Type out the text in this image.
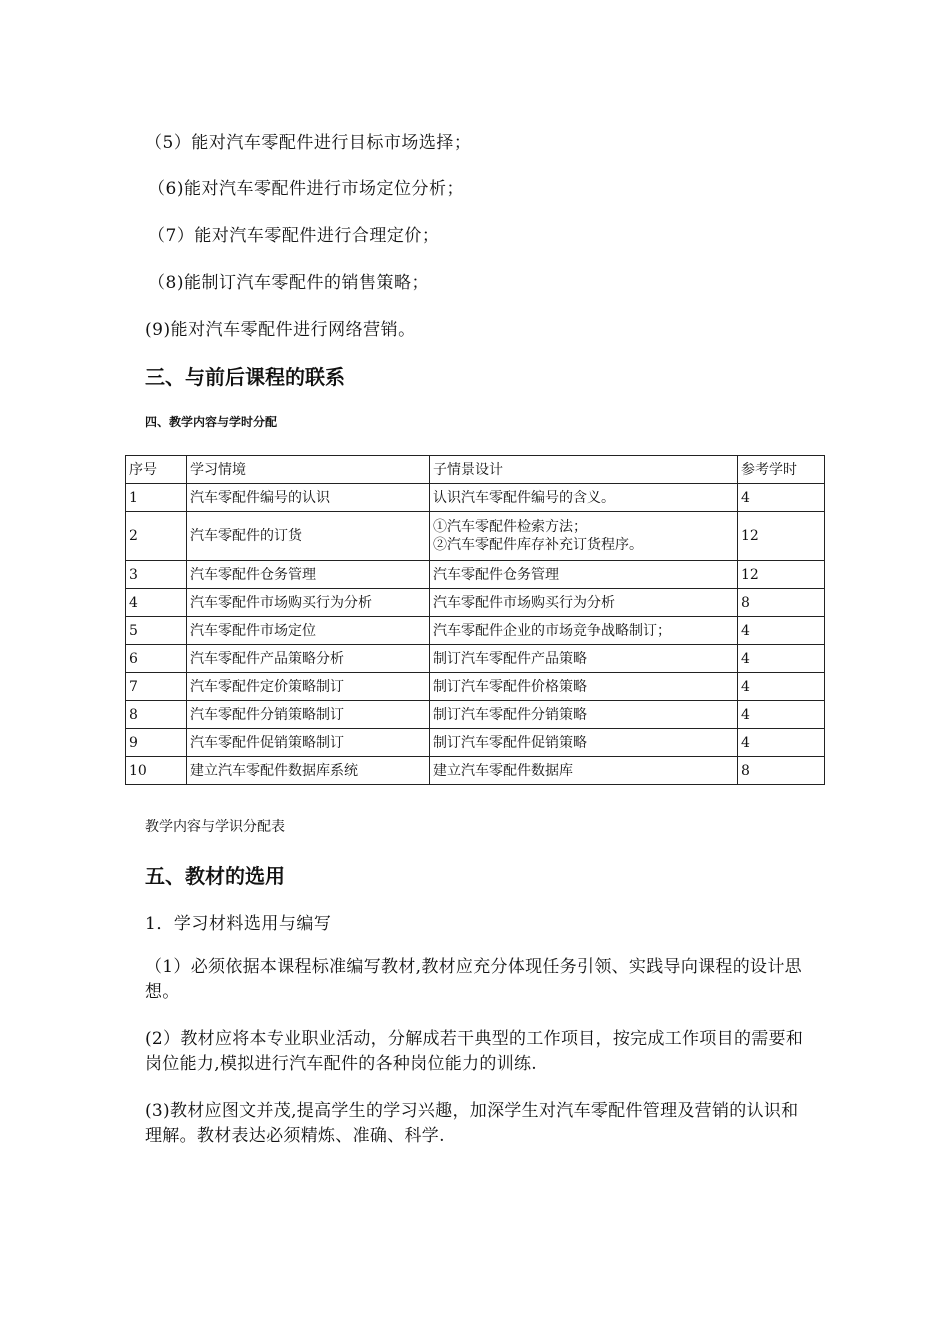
（5）能对汽车零配件进行目标市场选择；
（6)能对汽车零配件进行市场定位分析；
（7）能对汽车零配件进行合理定价；
（8)能制订汽车零配件的销售策略；
(9)能对汽车零配件进行网络营销。
三、与前后课程的联系
四、教学内容与学时分配
序号	学习情境	子情景设计	参考学时
1	汽车零配件编号的认识	认识汽车零配件编号的含义。	4
2	汽车零配件的订货	①汽车零配件检索方法；
②汽车零配件库存补充订货程序。	12
3	汽车零配件仓务管理	汽车零配件仓务管理	12
4	汽车零配件市场购买行为分析	汽车零配件市场购买行为分析	8
5	汽车零配件市场定位	汽车零配件企业的市场竞争战略制订；	4
6	汽车零配件产品策略分析	制订汽车零配件产品策略	4
7	汽车零配件定价策略制订	制订汽车零配件价格策略	4
8	汽车零配件分销策略制订	制订汽车零配件分销策略	4
9	汽车零配件促销策略制订	制订汽车零配件促销策略	4
10	建立汽车零配件数据库系统	建立汽车零配件数据库	8
教学内容与学识分配表
五、教材的选用
1．学习材料选用与编写
（1）必须依据本课程标准编写教材,教材应充分体现任务引领、实践导向课程的设计思想。
(2）教材应将本专业职业活动，分解成若干典型的工作项目，按完成工作项目的需要和岗位能力,模拟进行汽车配件的各种岗位能力的训练.
(3)教材应图文并茂,提高学生的学习兴趣，加深学生对汽车零配件管理及营销的认识和理解。教材表达必须精炼、准确、科学.
